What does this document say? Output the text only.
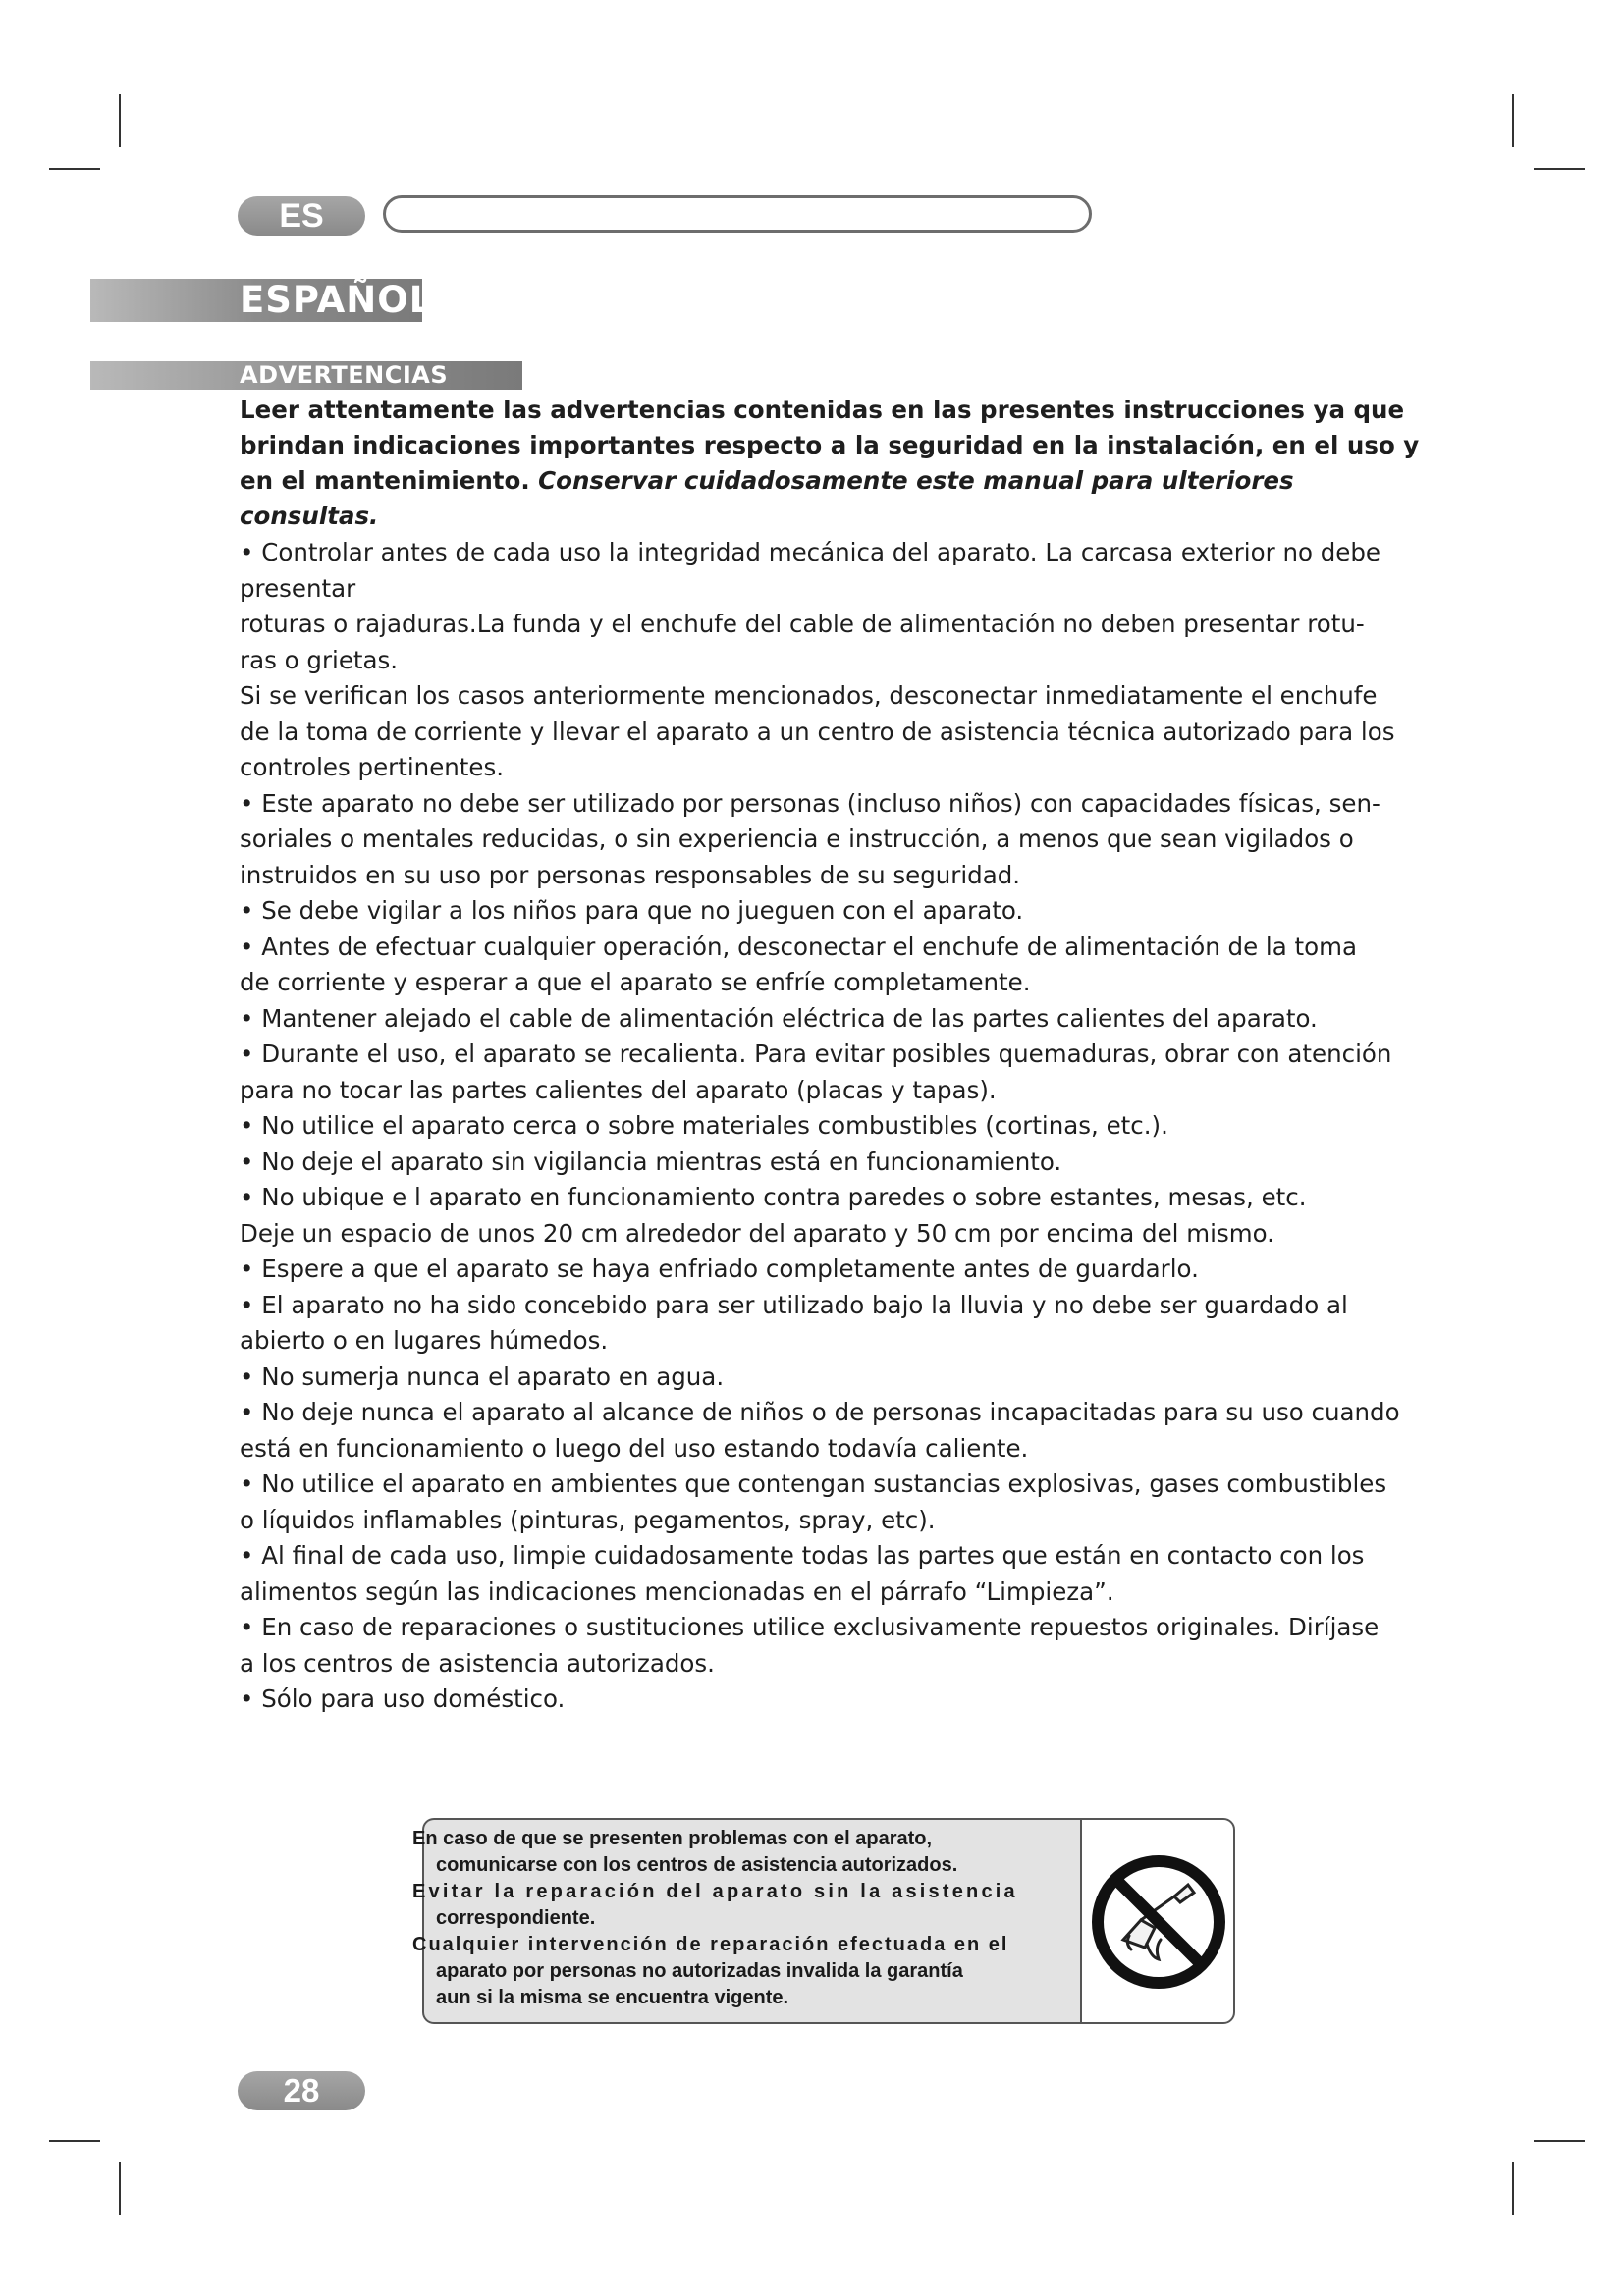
ES
ESPAÑOL
ADVERTENCIAS

Leer attentamente las advertencias contenidas en las presentes instrucciones ya que brindan indicaciones importantes respecto a la seguridad en la instalación, en el uso y en el mantenimiento. Conservar cuidadosamente este manual para ulteriores consultas.

• Controlar antes de cada uso la integridad mecánica del aparato. La carcasa exterior no debe

presentar

roturas o rajaduras.La funda y el enchufe del cable de alimentación no deben presentar rotu-

ras o grietas.

Si se verifican los casos anteriormente mencionados, desconectar inmediatamente el enchufe

de la toma de corriente y llevar el aparato a un centro de asistencia técnica autorizado para los

controles pertinentes.

• Este aparato no debe ser utilizado por personas (incluso niños) con capacidades físicas, sen-

soriales o mentales reducidas, o sin experiencia e instrucción, a menos que sean vigilados o

instruidos en su uso por personas responsables de su seguridad.

• Se debe vigilar a los niños para que no jueguen con el aparato.

• Antes de efectuar cualquier operación, desconectar el enchufe de alimentación de la toma

de corriente y esperar a que el aparato se enfríe completamente.

• Mantener alejado el cable de alimentación eléctrica de las partes calientes del aparato.

• Durante el uso, el aparato se recalienta. Para evitar posibles quemaduras, obrar con atención

para no tocar las partes calientes del aparato (placas y tapas).

• No utilice el aparato cerca o sobre materiales combustibles (cortinas, etc.).

• No deje el aparato sin vigilancia mientras está en funcionamiento.

• No ubique e l aparato en funcionamiento contra paredes o sobre estantes, mesas, etc.

Deje un espacio de unos 20 cm alrededor del aparato y 50 cm por encima del mismo.

• Espere a que el aparato se haya enfriado completamente antes de guardarlo.

• El aparato no ha sido concebido para ser utilizado bajo la lluvia y no debe ser guardado al

abierto o en lugares húmedos.

• No sumerja nunca el aparato en agua.

• No deje nunca el aparato al alcance de niños o de personas incapacitadas para su uso cuando

está en funcionamiento o luego del uso estando todavía caliente.

• No utilice el aparato en ambientes que contengan sustancias explosivas, gases combustibles

o líquidos inflamables (pinturas, pegamentos, spray, etc).

• Al final de cada uso, limpie cuidadosamente todas las partes que están en contacto con los

alimentos según las indicaciones mencionadas en el párrafo “Limpieza”.

• En caso de reparaciones o sustituciones utilice exclusivamente repuestos originales. Diríjase

a los centros de asistencia autorizados.

• Sólo para uso doméstico.

En caso de que se presenten problemas con el aparato,
comunicarse con los centros de asistencia autorizados.
Evitar la reparación del aparato sin la asistencia
correspondiente.
Cualquier intervención de reparación efectuada en el
aparato por personas no autorizadas invalida la garantía
aun si la misma se encuentra vigente.
28
